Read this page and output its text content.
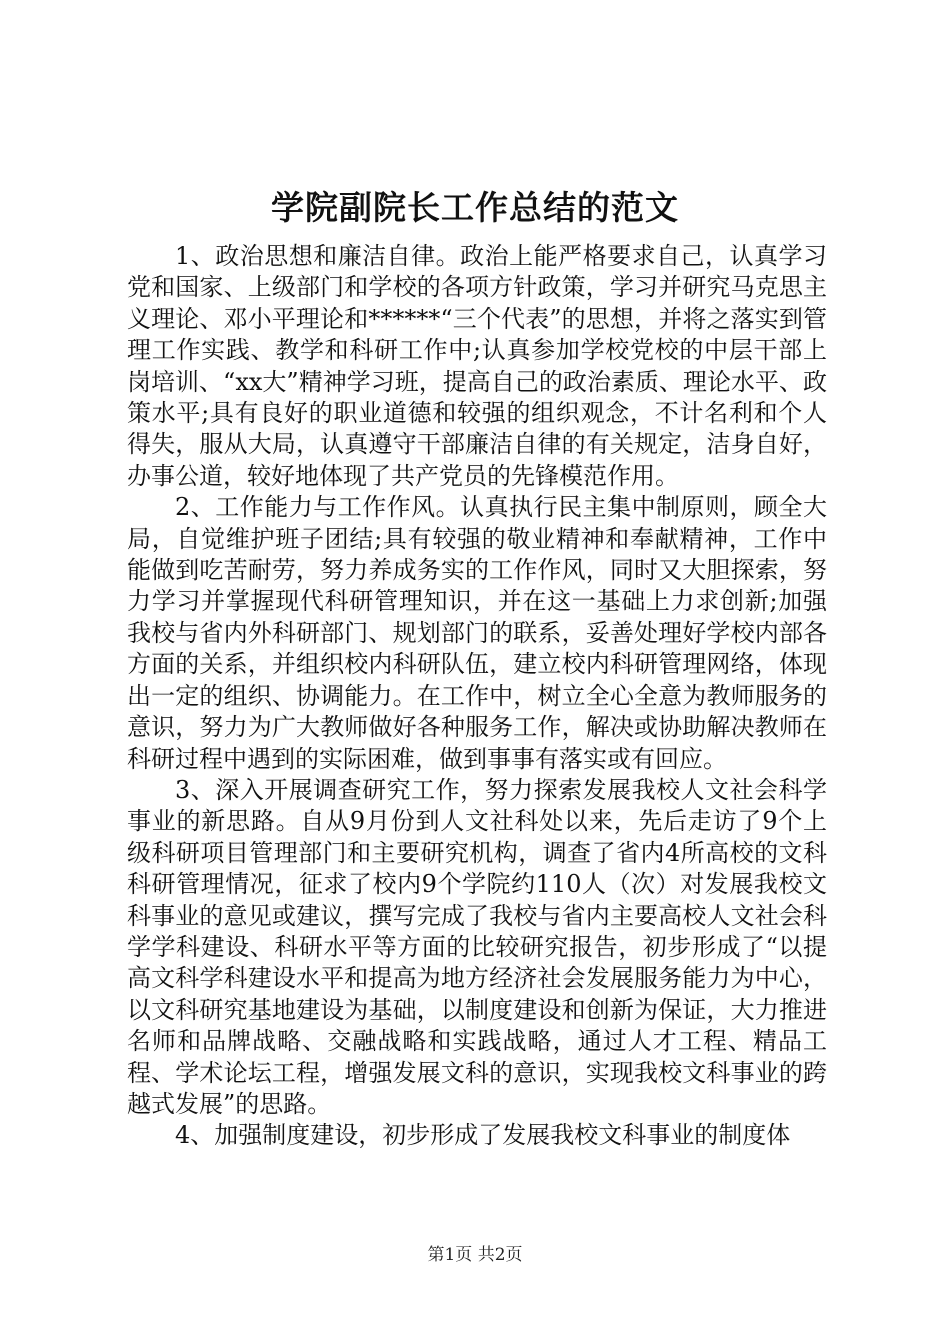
学院副院长工作总结的范文

1、政治思想和廉洁自律。政治上能严格要求自己，认真学习党和国家、上级部门和学校的各项方针政策，学习并研究马克思主义理论、邓小平理论和******“三个代表”的思想，并将之落实到管理工作实践、教学和科研工作中;认真参加学校党校的中层干部上岗培训、“xx大”精神学习班，提高自己的政治素质、理论水平、政策水平;具有良好的职业道德和较强的组织观念，不计名利和个人得失，服从大局，认真遵守干部廉洁自律的有关规定，洁身自好，办事公道，较好地体现了共产党员的先锋模范作用。

2、工作能力与工作作风。认真执行民主集中制原则，顾全大局，自觉维护班子团结;具有较强的敬业精神和奉献精神，工作中能做到吃苦耐劳，努力养成务实的工作作风，同时又大胆探索，努力学习并掌握现代科研管理知识，并在这一基础上力求创新;加强我校与省内外科研部门、规划部门的联系，妥善处理好学校内部各方面的关系，并组织校内科研队伍，建立校内科研管理网络，体现出一定的组织、协调能力。在工作中，树立全心全意为教师服务的意识，努力为广大教师做好各种服务工作，解决或协助解决教师在科研过程中遇到的实际困难，做到事事有落实或有回应。

3、深入开展调查研究工作，努力探索发展我校人文社会科学事业的新思路。自从9月份到人文社科处以来，先后走访了9个上级科研项目管理部门和主要研究机构，调查了省内4所高校的文科科研管理情况，征求了校内9个学院约110人（次）对发展我校文科事业的意见或建议，撰写完成了我校与省内主要高校人文社会科学学科建设、科研水平等方面的比较研究报告，初步形成了“以提高文科学科建设水平和提高为地方经济社会发展服务能力为中心，以文科研究基地建设为基础，以制度建设和创新为保证，大力推进名师和品牌战略、交融战略和实践战略，通过人才工程、精品工程、学术论坛工程，增强发展文科的意识，实现我校文科事业的跨越式发展”的思路。

4、加强制度建设，初步形成了发展我校文科事业的制度体

第1页 共2页
